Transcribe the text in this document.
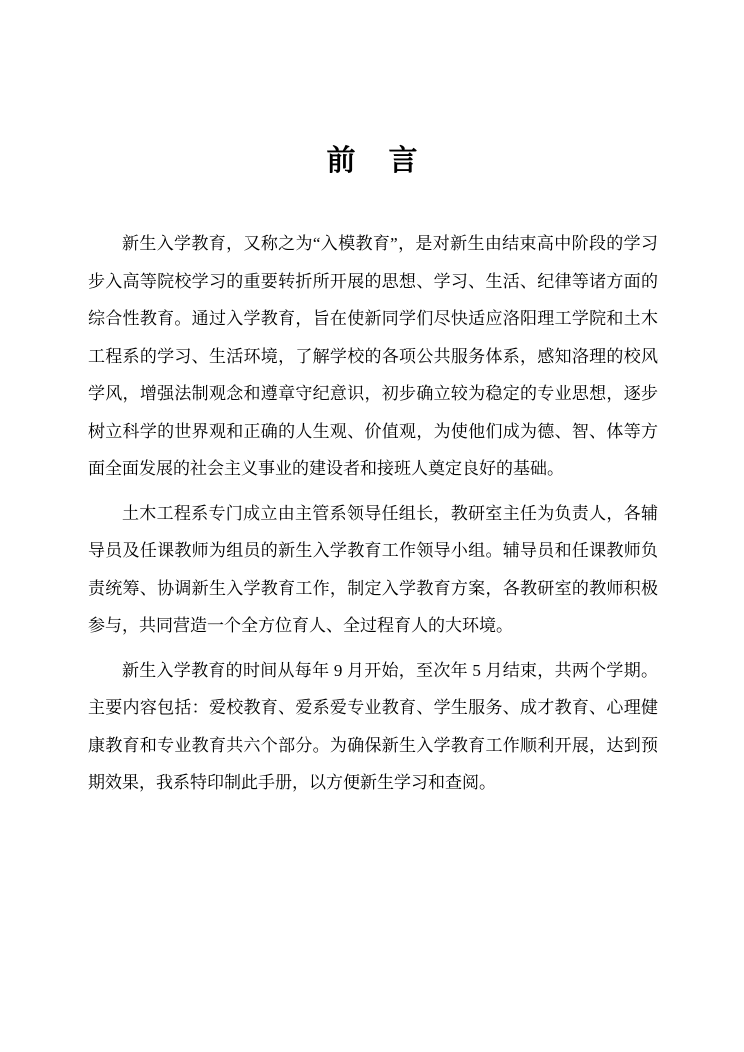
前　言

新生入学教育，又称之为“入模教育”，是对新生由结束高中阶段的学习步入高等院校学习的重要转折所开展的思想、学习、生活、纪律等诸方面的综合性教育。通过入学教育，旨在使新同学们尽快适应洛阳理工学院和土木工程系的学习、生活环境，了解学校的各项公共服务体系，感知洛理的校风学风，增强法制观念和遵章守纪意识，初步确立较为稳定的专业思想，逐步树立科学的世界观和正确的人生观、价值观，为使他们成为德、智、体等方面全面发展的社会主义事业的建设者和接班人奠定良好的基础。

土木工程系专门成立由主管系领导任组长，教研室主任为负责人，各辅导员及任课教师为组员的新生入学教育工作领导小组。辅导员和任课教师负责统筹、协调新生入学教育工作，制定入学教育方案，各教研室的教师积极参与，共同营造一个全方位育人、全过程育人的大环境。

新生入学教育的时间从每年 9 月开始，至次年 5 月结束，共两个学期。主要内容包括：爱校教育、爱系爱专业教育、学生服务、成才教育、心理健康教育和专业教育共六个部分。为确保新生入学教育工作顺利开展，达到预期效果，我系特印制此手册，以方便新生学习和查阅。
